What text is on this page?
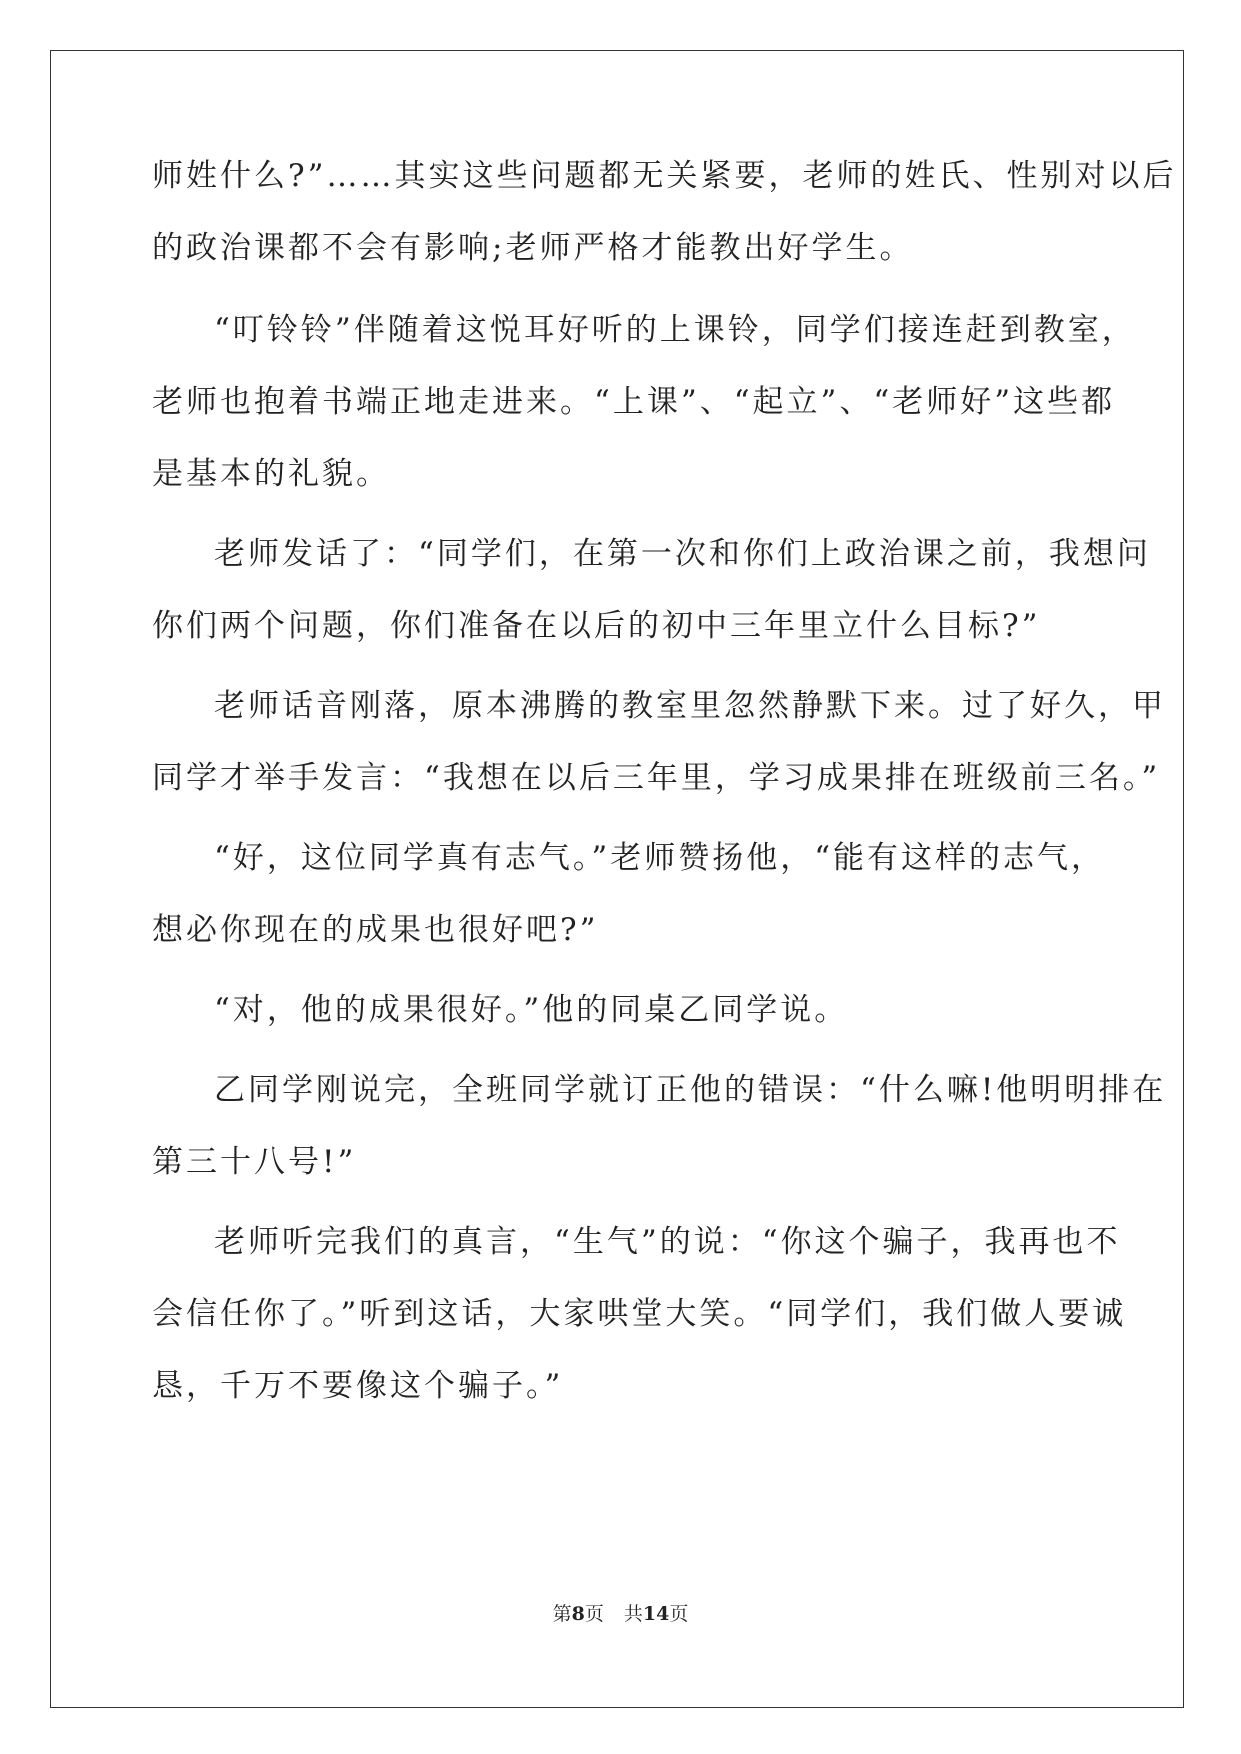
师姓什么?”……其实这些问题都无关紧要，老师的姓氏、性别对以后
的政治课都不会有影响;老师严格才能教出好学生。
“叮铃铃”伴随着这悦耳好听的上课铃，同学们接连赶到教室，
老师也抱着书端正地走进来。“上课”、“起立”、“老师好”这些都
是基本的礼貌。
老师发话了：“同学们，在第一次和你们上政治课之前，我想问
你们两个问题，你们准备在以后的初中三年里立什么目标?”
老师话音刚落，原本沸腾的教室里忽然静默下来。过了好久，甲
同学才举手发言：“我想在以后三年里，学习成果排在班级前三名。”
“好，这位同学真有志气。”老师赞扬他，“能有这样的志气，
想必你现在的成果也很好吧?”
“对，他的成果很好。”他的同桌乙同学说。
乙同学刚说完，全班同学就订正他的错误：“什么嘛!他明明排在
第三十八号!”
老师听完我们的真言，“生气”的说：“你这个骗子，我再也不
会信任你了。”听到这话，大家哄堂大笑。“同学们，我们做人要诚
恳，千万不要像这个骗子。”
第8页 共14页
